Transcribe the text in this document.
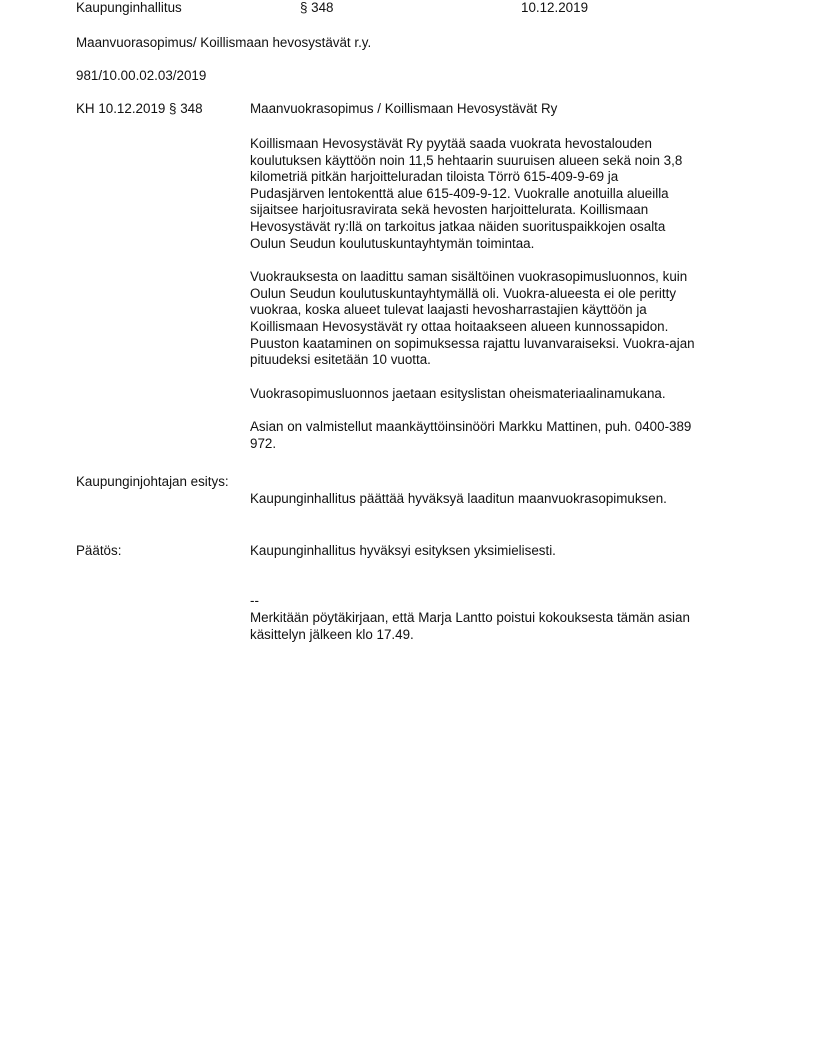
Kaupunginhallitus	§ 348	10.12.2019
Maanvuorasopimus/ Koillismaan hevosystävät r.y.
981/10.00.02.03/2019
KH 10.12.2019 § 348	Maanvuokrasopimus / Koillismaan Hevosystävät Ry

Koillismaan Hevosystävät Ry pyytää saada vuokrata hevostalouden
koulutuksen käyttöön noin 11,5 hehtaarin suuruisen alueen sekä noin 3,8
kilometriä pitkän harjoitteluradan tiloista Törrö 615-409-9-69 ja
Pudasjärven lentokenttä alue 615-409-9-12. Vuokralle anotuilla alueilla
sijaitsee harjoitusravirata sekä hevosten harjoittelurata. Koillismaan
Hevosystävät ry:llä on tarkoitus jatkaa näiden suorituspaikkojen osalta
Oulun Seudun koulutuskuntayhtymän toimintaa.

Vuokrauksesta on laadittu saman sisältöinen vuokrasopimusluonnos, kuin
Oulun Seudun koulutuskuntayhtymällä oli. Vuokra-alueesta ei ole peritty
vuokraa, koska alueet tulevat laajasti hevosharrastajien käyttöön ja
Koillismaan Hevosystävät ry ottaa hoitaakseen alueen kunnossapidon.
Puuston kaataminen on sopimuksessa rajattu luvanvaraiseksi. Vuokra-ajan
pituudeksi esitetään 10 vuotta.

Vuokrasopimusluonnos jaetaan esityslistan oheismateriaalinamukana.

Asian on valmistellut maankäyttöinsinööri Markku Mattinen, puh. 0400-389
972.

Kaupunginjohtajan esitys:
Kaupunginhallitus päättää hyväksyä laaditun maanvuokrasopimuksen.
Päätös:	Kaupunginhallitus hyväksyi esityksen yksimielisesti.
--
Merkitään pöytäkirjaan, että Marja Lantto poistui kokouksesta tämän asian
käsittelyn jälkeen klo 17.49.
